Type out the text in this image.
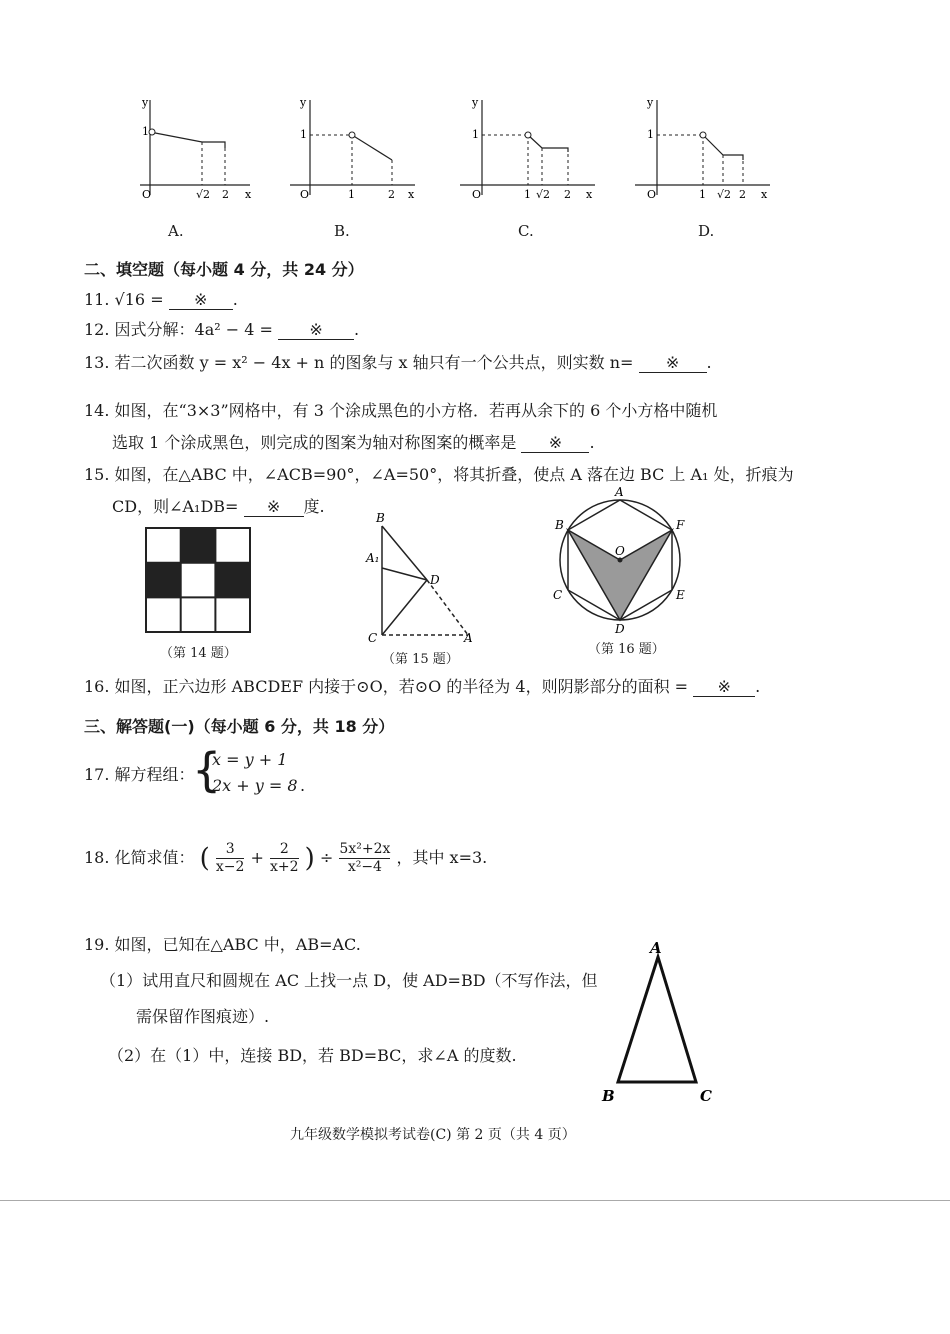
y
x
O
1
√2 2
y
x
O
1
1	2
y
x
O
1
1 √2 2
y
x
O
1
1 √2 2
A.	B.	C.	D.
二、填空题（每小题 4 分，共 24 分）
11. √16 = ※ .
12. 因式分解：4a² − 4 = ※ .
13. 若二次函数 y = x² − 4x + n 的图象与 x 轴只有一个公共点，则实数 n= ※ .
14. 如图，在“3×3”网格中，有 3 个涂成黑色的小方格．若再从余下的 6 个小方格中随机
选取 1 个涂成黑色，则完成的图案为轴对称图案的概率是 ※ .
15. 如图，在△ABC 中，∠ACB=90°，∠A=50°，将其折叠，使点 A 落在边 BC 上 A₁ 处，折痕为
CD，则∠A₁DB= ※ 度.
（第 14 题）
B
A₁
D
C	A
（第 15 题）
A
B	F
O
C	E
D
（第 16 题）
16. 如图，正六边形 ABCDEF 内接于⊙O，若⊙O 的半径为 4，则阴影部分的面积 = ※ .
三、解答题(一)（每小题 6 分，共 18 分）
17. 解方程组：
{
x = y + 1
2x + y = 8 .
18. 化简求值： ( $\frac{3}{x-2} + \frac{2}{x+2}$ ) ÷ $\frac{\text{5x²+2x}}{\text{x²−4}}$ ，其中 x=3.
19. 如图，已知在△ABC 中，AB=AC.
（1）试用直尺和圆规在 AC 上找一点 D，使 AD=BD（不写作法，但
需保留作图痕迹）.
（2）在（1）中，连接 BD，若 BD=BC，求∠A 的度数.
A
B	C
九年级数学模拟考试卷(C) 第 2 页（共 4 页）
